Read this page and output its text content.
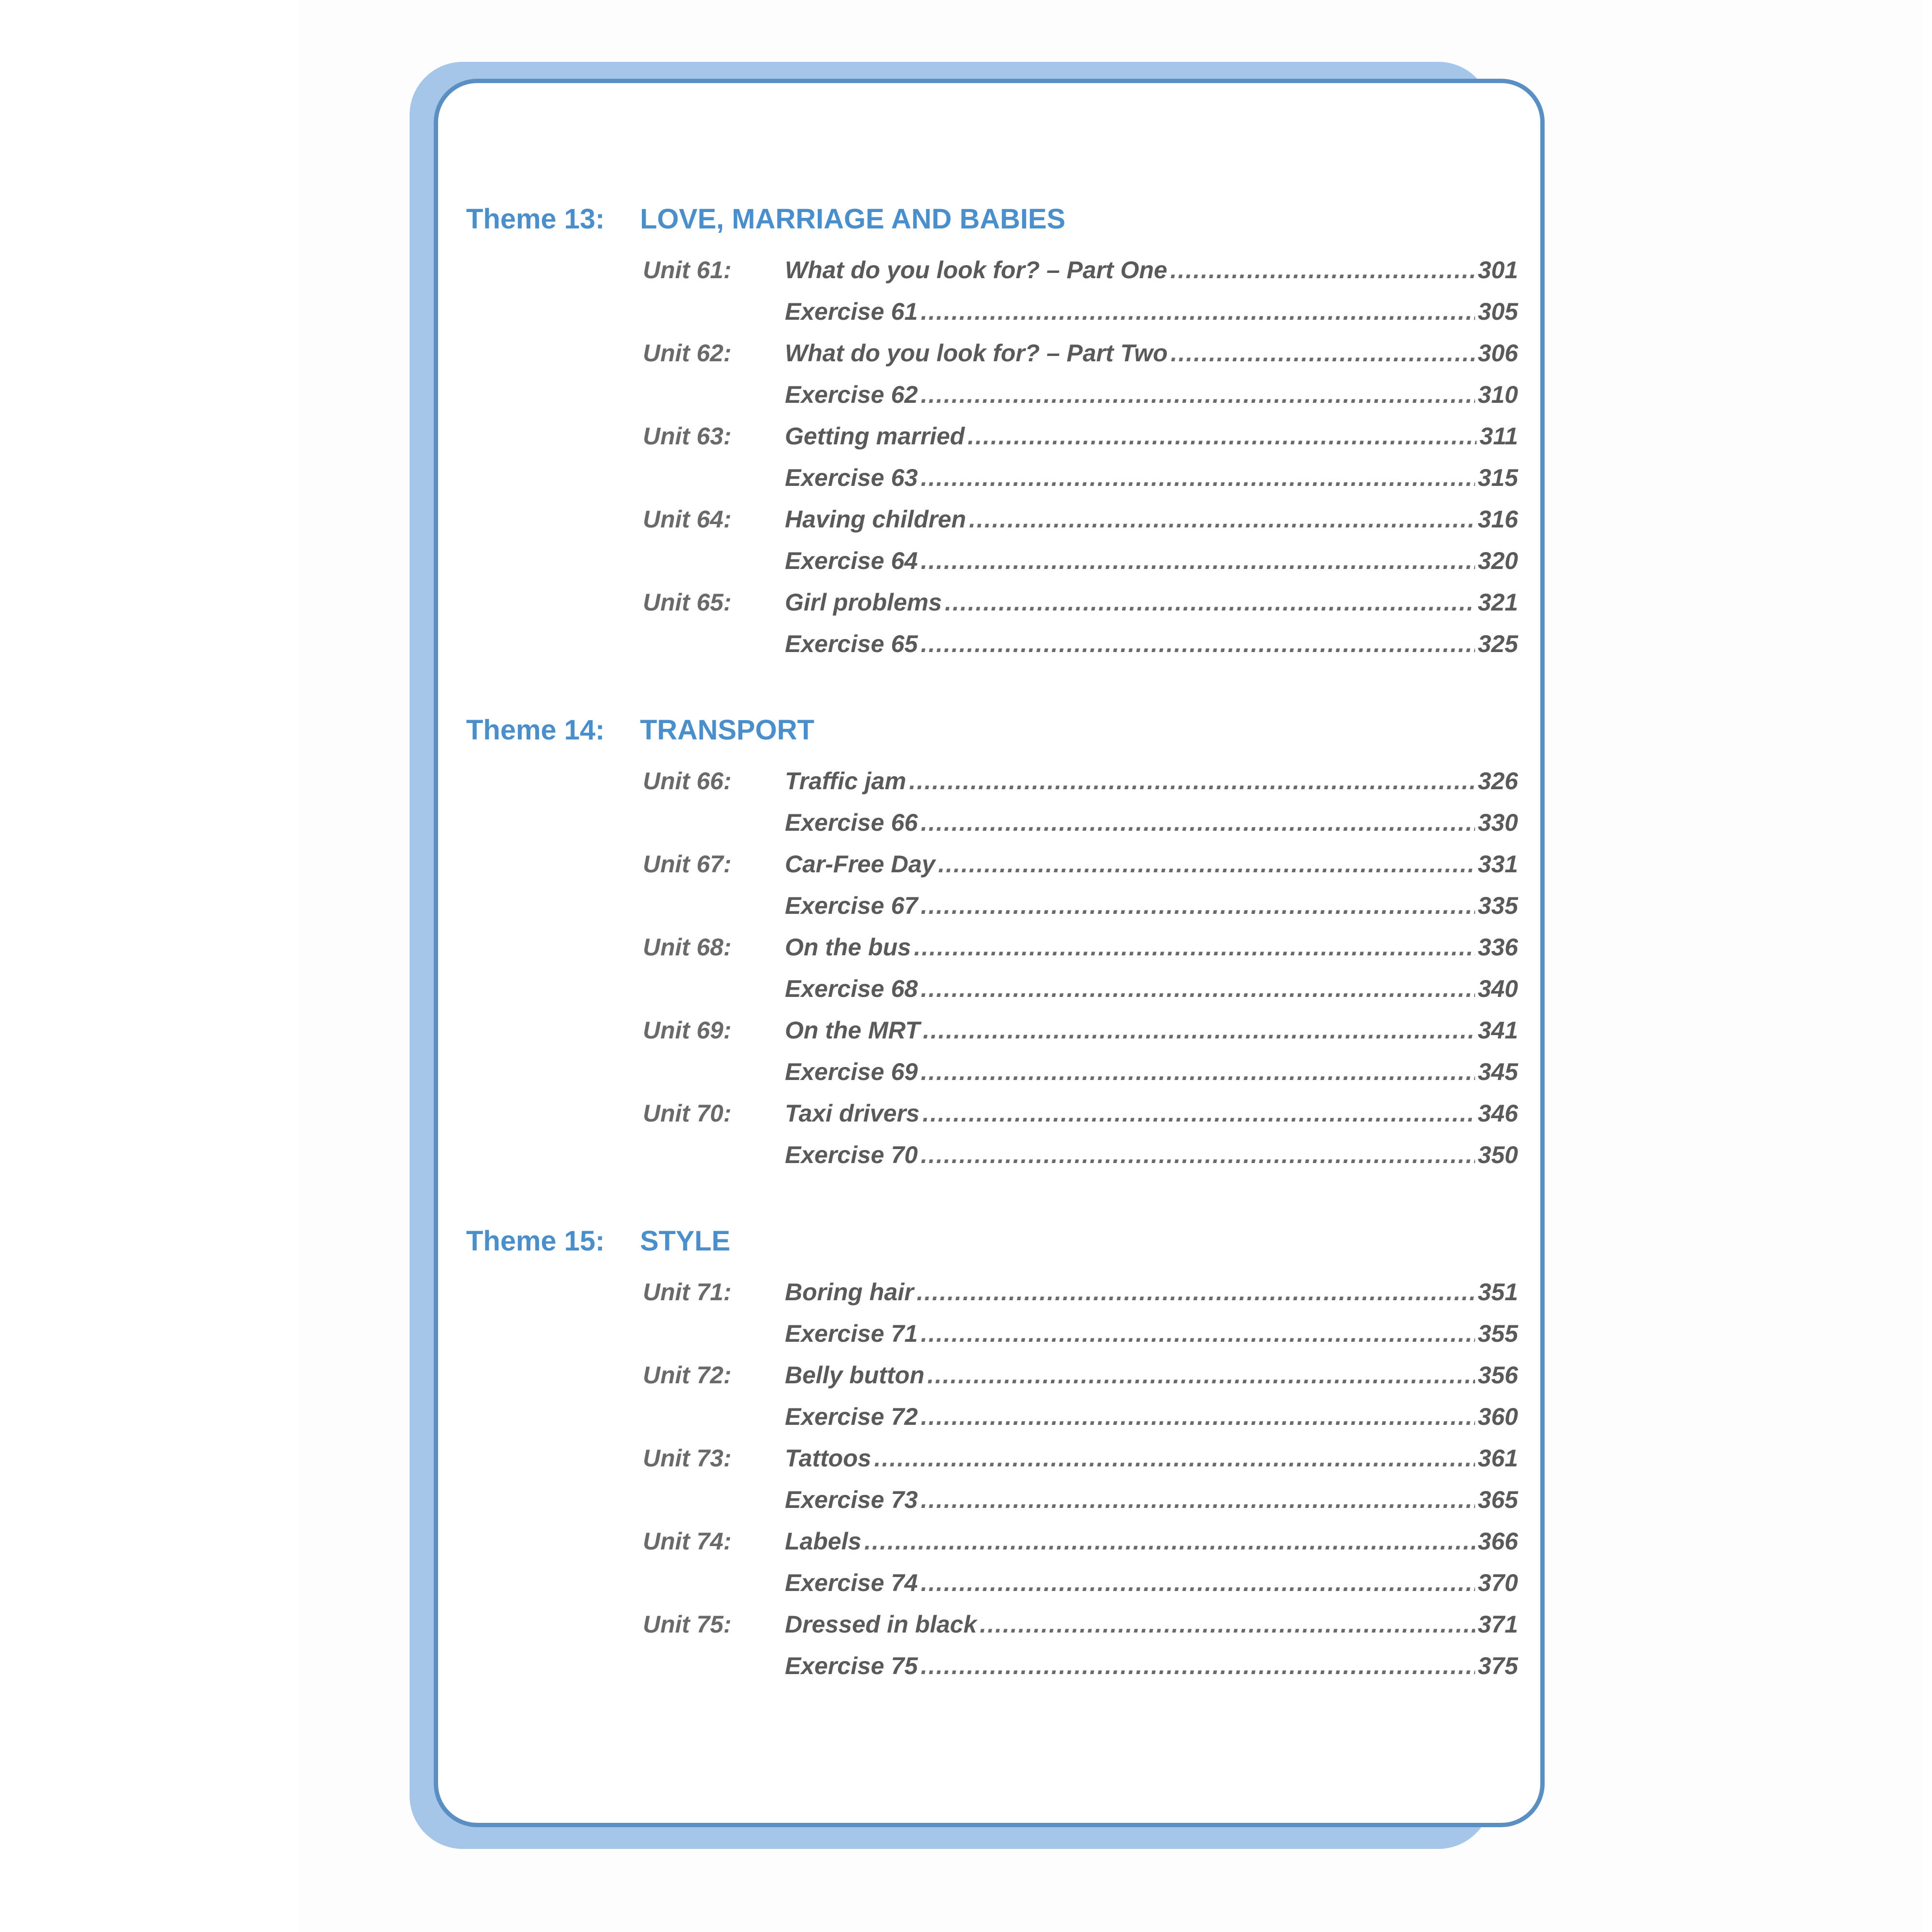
Theme 13:	LOVE, MARRIAGE AND BABIES
Unit 61:	What do you look for? – Part One .....	301
Exercise 61 .....	305
Unit 62:	What do you look for? – Part Two .....	306
Exercise 62 .....	310
Unit 63:	Getting married .....	311
Exercise 63 .....	315
Unit 64:	Having children .....	316
Exercise 64 .....	320
Unit 65:	Girl problems .....	321
Exercise 65 .....	325
Theme 14:	TRANSPORT
Unit 66:	Traffic jam .....	326
Exercise 66 .....	330
Unit 67:	Car-Free Day .....	331
Exercise 67 .....	335
Unit 68:	On the bus .....	336
Exercise 68 .....	340
Unit 69:	On the MRT .....	341
Exercise 69 .....	345
Unit 70:	Taxi drivers .....	346
Exercise 70 .....	350
Theme 15:	STYLE
Unit 71:	Boring hair .....	351
Exercise 71 .....	355
Unit 72:	Belly button .....	356
Exercise 72 .....	360
Unit 73:	Tattoos .....	361
Exercise 73 .....	365
Unit 74:	Labels .....	366
Exercise 74 .....	370
Unit 75:	Dressed in black .....	371
Exercise 75 .....	375
